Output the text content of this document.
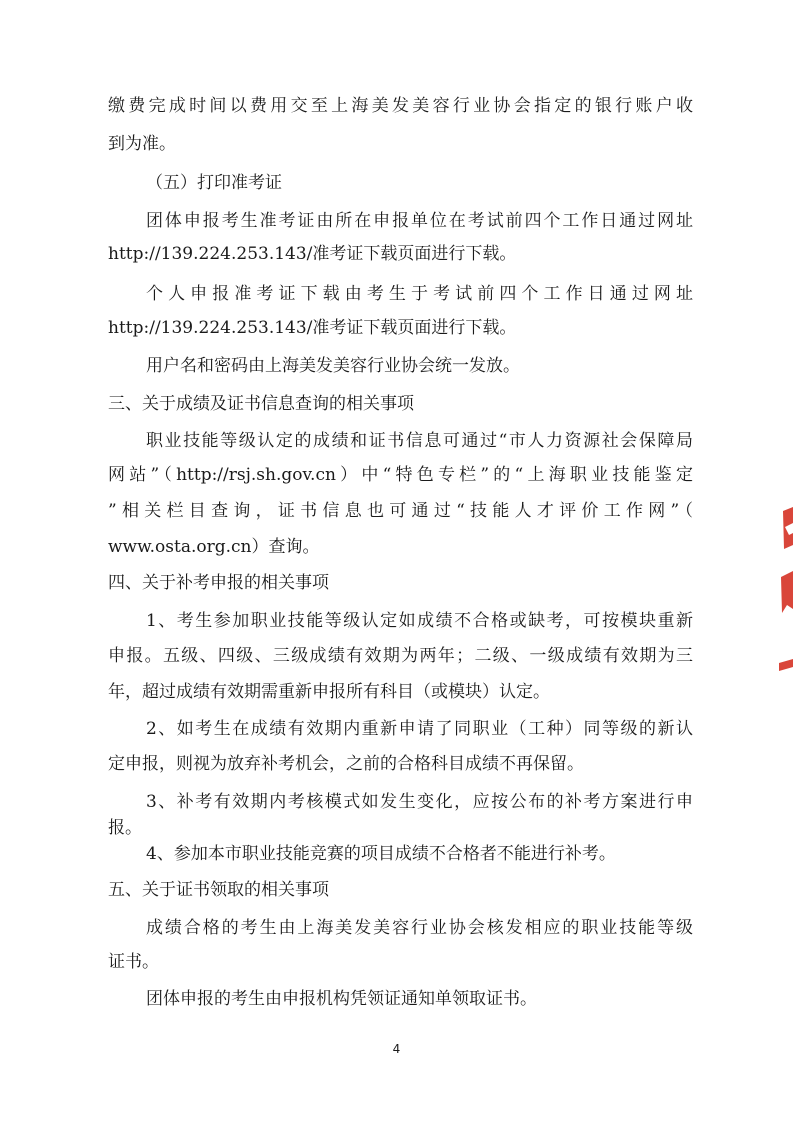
缴费完成时间以费用交至上海美发美容行业协会指定的银行账户收
到为准。
（五）打印准考证
团体申报考生准考证由所在申报单位在考试前四个工作日通过网址
http://139.224.253.143/准考证下载页面进行下载。
个人申报准考证下载由考生于考试前四个工作日通过网址
http://139.224.253.143/准考证下载页面进行下载。
用户名和密码由上海美发美容行业协会统一发放。
三、关于成绩及证书信息查询的相关事项
职业技能等级认定的成绩和证书信息可通过“市人力资源社会保障局
网站”（http://rsj.sh.gov.cn）中“特色专栏”的“上海职业技能鉴定
”相关栏目查询，证书信息也可通过“技能人才评价工作网”（
www.osta.org.cn）查询。
四、关于补考申报的相关事项
1、考生参加职业技能等级认定如成绩不合格或缺考，可按模块重新
申报。五级、四级、三级成绩有效期为两年；二级、一级成绩有效期为三
年，超过成绩有效期需重新申报所有科目（或模块）认定。
2、如考生在成绩有效期内重新申请了同职业（工种）同等级的新认
定申报，则视为放弃补考机会，之前的合格科目成绩不再保留。
3、补考有效期内考核模式如发生变化，应按公布的补考方案进行申
报。
4、参加本市职业技能竞赛的项目成绩不合格者不能进行补考。
五、关于证书领取的相关事项
成绩合格的考生由上海美发美容行业协会核发相应的职业技能等级
证书。
团体申报的考生由申报机构凭领证通知单领取证书。
4
